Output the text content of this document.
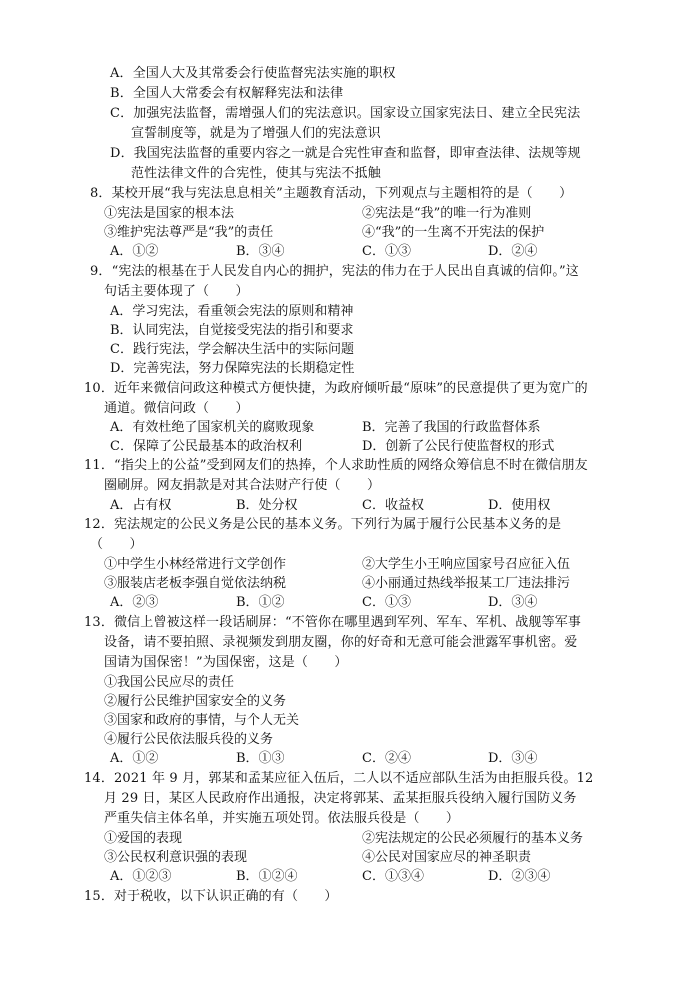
A．全国人大及其常委会行使监督宪法实施的职权
B．全国人大常委会有权解释宪法和法律
C．加强宪法监督，需增强人们的宪法意识。国家设立国家宪法日、建立全民宪法
宣誓制度等，就是为了增强人们的宪法意识
D．我国宪法监督的重要内容之一就是合宪性审查和监督，即审查法律、法规等规
范性法律文件的合宪性，使其与宪法不抵触
8．某校开展“我与宪法息息相关”主题教育活动，下列观点与主题相符的是（　　）
①宪法是国家的根本法	②宪法是“我”的唯一行为准则
③维护宪法尊严是“我”的责任	④“我”的一生离不开宪法的保护
A．①②	B．③④	C．①③	D．②④
9．“宪法的根基在于人民发自内心的拥护，宪法的伟力在于人民出自真诚的信仰。”这
句话主要体现了（　　）
A．学习宪法，看重领会宪法的原则和精神
B．认同宪法，自觉接受宪法的指引和要求
C．践行宪法，学会解决生活中的实际问题
D．完善宪法，努力保障宪法的长期稳定性
10．近年来微信问政这种模式方便快捷，为政府倾听最“原味”的民意提供了更为宽广的
通道。微信问政（　　）
A．有效杜绝了国家机关的腐败现象	B．完善了我国的行政监督体系
C．保障了公民最基本的政治权利	D．创新了公民行使监督权的形式
11．“指尖上的公益”受到网友们的热捧，个人求助性质的网络众筹信息不时在微信朋友
圈刷屏。网友捐款是对其合法财产行使（　　）
A．占有权	B．处分权	C．收益权	D．使用权
12．宪法规定的公民义务是公民的基本义务。下列行为属于履行公民基本义务的是
（　　）
①中学生小林经常进行文学创作	②大学生小王响应国家号召应征入伍
③服装店老板李强自觉依法纳税	④小丽通过热线举报某工厂违法排污
A．②③	B．①②	C．①③	D．③④
13．微信上曾被这样一段话刷屏：“不管你在哪里遇到军列、军车、军机、战舰等军事
设备，请不要拍照、录视频发到朋友圈，你的好奇和无意可能会泄露军事机密。爱
国请为国保密！”为国保密，这是（　　）
①我国公民应尽的责任
②履行公民维护国家安全的义务
③国家和政府的事情，与个人无关
④履行公民依法服兵役的义务
A．①②	B．①③	C．②④	D．③④
14．2021 年 9 月，郭某和孟某应征入伍后，二人以不适应部队生活为由拒服兵役。12
月 29 日，某区人民政府作出通报，决定将郭某、孟某拒服兵役纳入履行国防义务
严重失信主体名单，并实施五项处罚。依法服兵役是（　　）
①爱国的表现	②宪法规定的公民必须履行的基本义务
③公民权利意识强的表现	④公民对国家应尽的神圣职责
A．①②③	B．①②④	C．①③④	D．②③④
15．对于税收，以下认识正确的有（　　）
